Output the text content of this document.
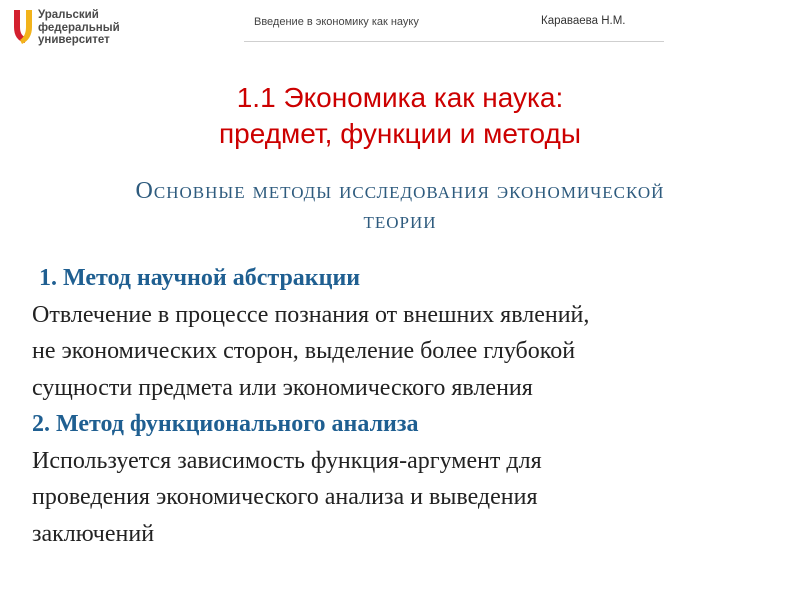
Уральский
федеральный
университет
Введение в экономику как науку	Караваева Н.М.
1.1 Экономика как наука:
предмет, функции и методы
Основные методы исследования экономической
теории
1. Метод научной абстракции
Отвлечение в процессе познания от внешних явлений,
не экономических сторон, выделение более глубокой
сущности предмета или экономического явления
2. Метод функционального анализа
Используется зависимость функция-аргумент для
проведения экономического анализа и выведения
заключений
